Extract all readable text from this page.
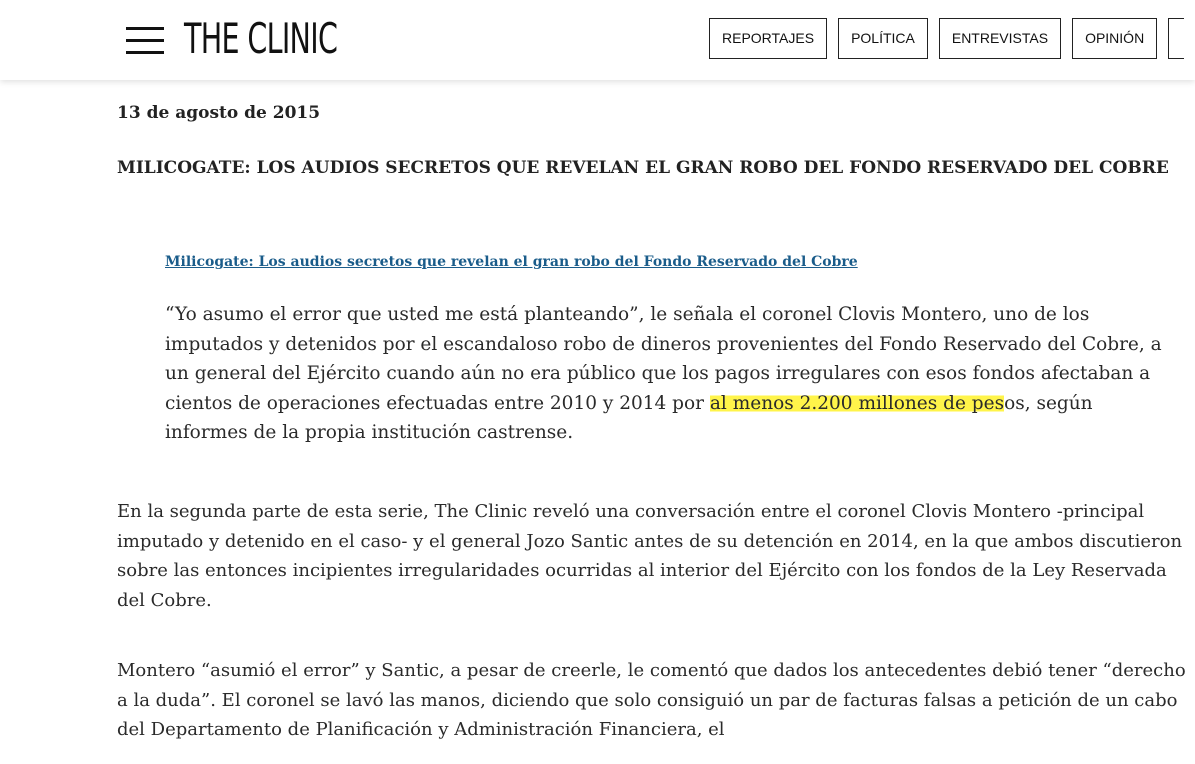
THE CLINIC	REPORTAJES	POLÍTICA	ENTREVISTAS	OPINIÓN
13 de agosto de 2015
MILICOGATE: LOS AUDIOS SECRETOS QUE REVELAN EL GRAN ROBO DEL FONDO RESERVADO DEL COBRE
Milicogate: Los audios secretos que revelan el gran robo del Fondo Reservado del Cobre

“Yo asumo el error que usted me está planteando”, le señala el coronel Clovis Montero, uno de los imputados y detenidos por el escandaloso robo de dineros provenientes del Fondo Reservado del Cobre, a un general del Ejército cuando aún no era público que los pagos irregulares con esos fondos afectaban a cientos de operaciones efectuadas entre 2010 y 2014 por al menos 2.200 millones de pesos, según informes de la propia institución castrense.

En la segunda parte de esta serie, The Clinic reveló una conversación entre el coronel Clovis Montero -principal imputado y detenido en el caso- y el general Jozo Santic antes de su detención en 2014, en la que ambos discutieron sobre las entonces incipientes irregularidades ocurridas al interior del Ejército con los fondos de la Ley Reservada del Cobre.

Montero “asumió el error” y Santic, a pesar de creerle, le comentó que dados los antecedentes debió tener “derecho a la duda”. El coronel se lavó las manos, diciendo que solo consiguió un par de facturas falsas a petición de un cabo del Departamento de Planificación y Administración Financiera, el
